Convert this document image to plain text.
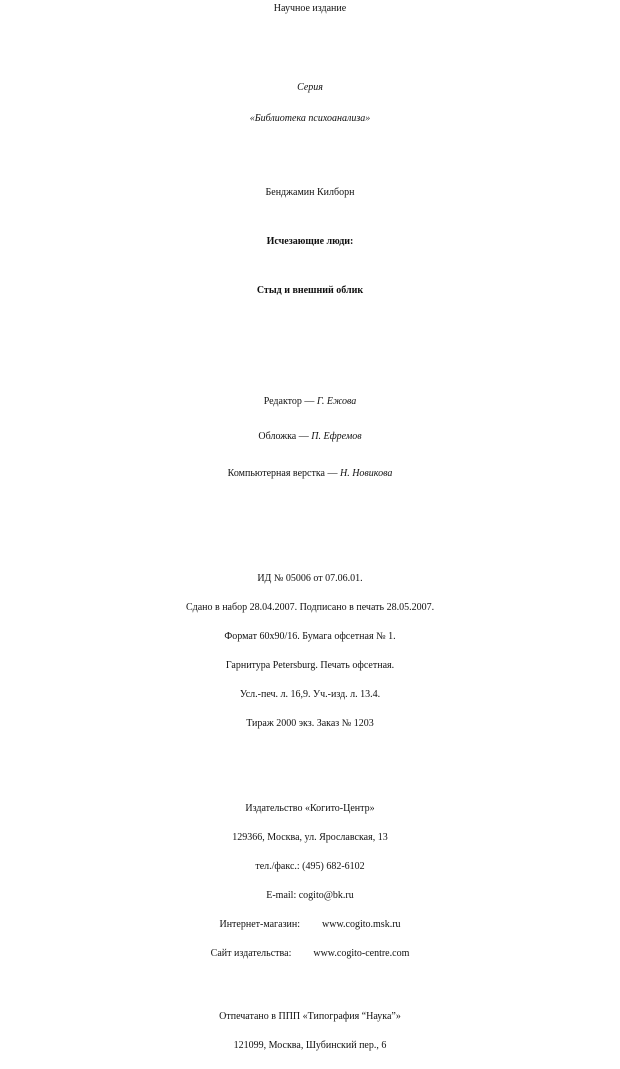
Научное издание
Серия
«Библиотека психоанализа»
Бенджамин Килборн
Исчезающие люди:
Стыд и внешний облик
Редактор — Г. Ежова
Обложка — П. Ефремов
Компьютерная верстка — Н. Новикова
ИД № 05006 от 07.06.01.
Сдано в набор 28.04.2007. Подписано в печать 28.05.2007.
Формат 60x90/16. Бумага офсетная № 1.
Гарнитура Petersburg. Печать офсетная.
Усл.-печ. л. 16,9. Уч.-изд. л. 13.4.
Тираж 2000 экз. Заказ № 1203
Издательство «Когито-Центр»
129366, Москва, ул. Ярославская, 13
тел./факс.: (495) 682-6102
E-mail: cogito@bk.ru
Интернет-магазин: www.cogito.msk.ru
Сайт издательства: www.cogito-centre.com
Отпечатано в ППП «Типография “Наука”»
121099, Москва, Шубинский пер., 6
